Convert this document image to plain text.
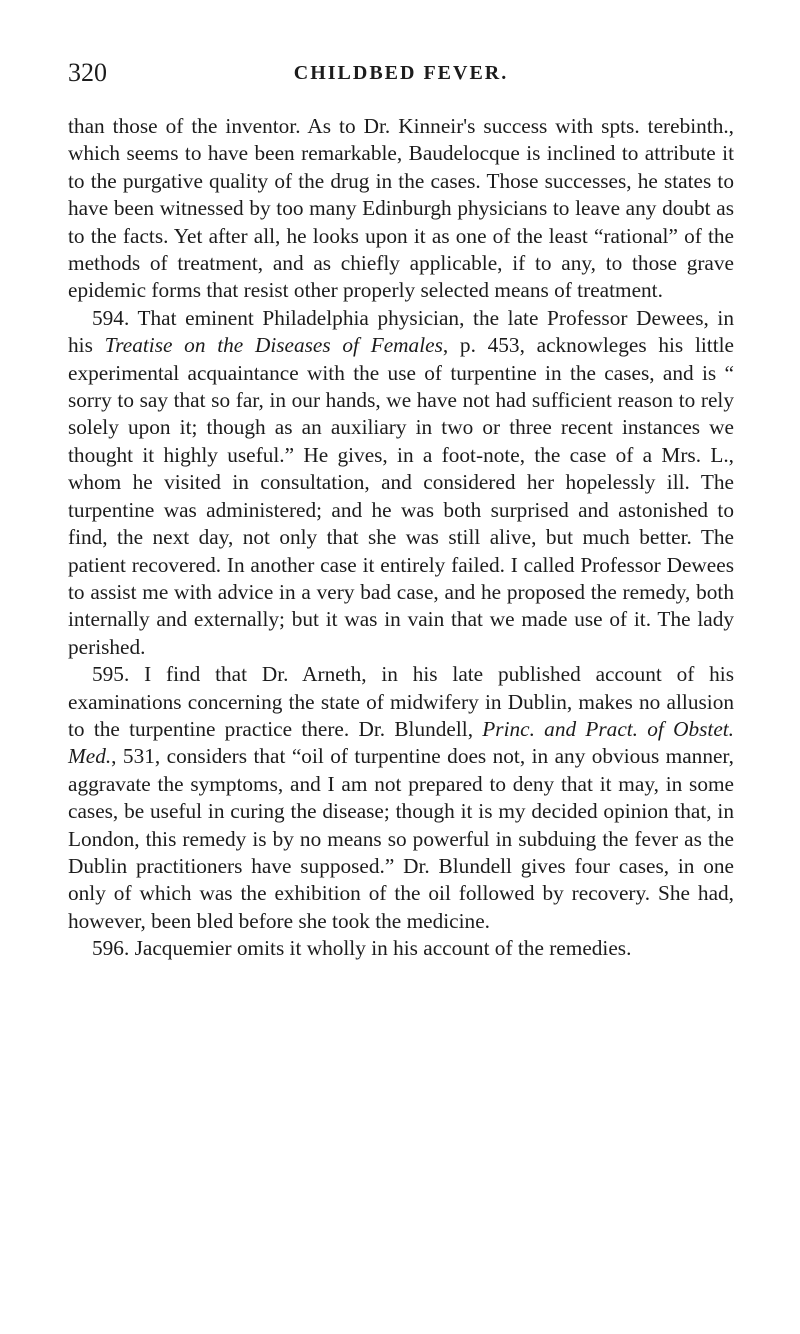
320	CHILDBED FEVER.

than those of the inventor. As to Dr. Kinneir's success with spts. terebinth., which seems to have been remarkable, Baudelocque is inclined to attribute it to the purgative quality of the drug in the cases. Those successes, he states to have been witnessed by too many Edinburgh physicians to leave any doubt as to the facts. Yet after all, he looks upon it as one of the least “rational” of the methods of treatment, and as chiefly applicable, if to any, to those grave epidemic forms that resist other properly selected means of treatment.

594. That eminent Philadelphia physician, the late Professor Dewees, in his Treatise on the Diseases of Females, p. 453, acknowleges his little experimental acquaintance with the use of turpentine in the cases, and is “ sorry to say that so far, in our hands, we have not had sufficient reason to rely solely upon it; though as an auxiliary in two or three recent instances we thought it highly useful.” He gives, in a foot-note, the case of a Mrs. L., whom he visited in consultation, and considered her hopelessly ill. The turpentine was administered; and he was both surprised and astonished to find, the next day, not only that she was still alive, but much better. The patient recovered. In another case it entirely failed. I called Professor Dewees to assist me with advice in a very bad case, and he proposed the remedy, both internally and externally; but it was in vain that we made use of it. The lady perished.

595. I find that Dr. Arneth, in his late published account of his examinations concerning the state of midwifery in Dublin, makes no allusion to the turpentine practice there. Dr. Blundell, Princ. and Pract. of Obstet. Med., 531, considers that “oil of turpentine does not, in any obvious manner, aggravate the symptoms, and I am not prepared to deny that it may, in some cases, be useful in curing the disease; though it is my decided opinion that, in London, this remedy is by no means so powerful in subduing the fever as the Dublin practitioners have supposed.” Dr. Blundell gives four cases, in one only of which was the exhibition of the oil followed by recovery. She had, however, been bled before she took the medicine.

596. Jacquemier omits it wholly in his account of the remedies.
